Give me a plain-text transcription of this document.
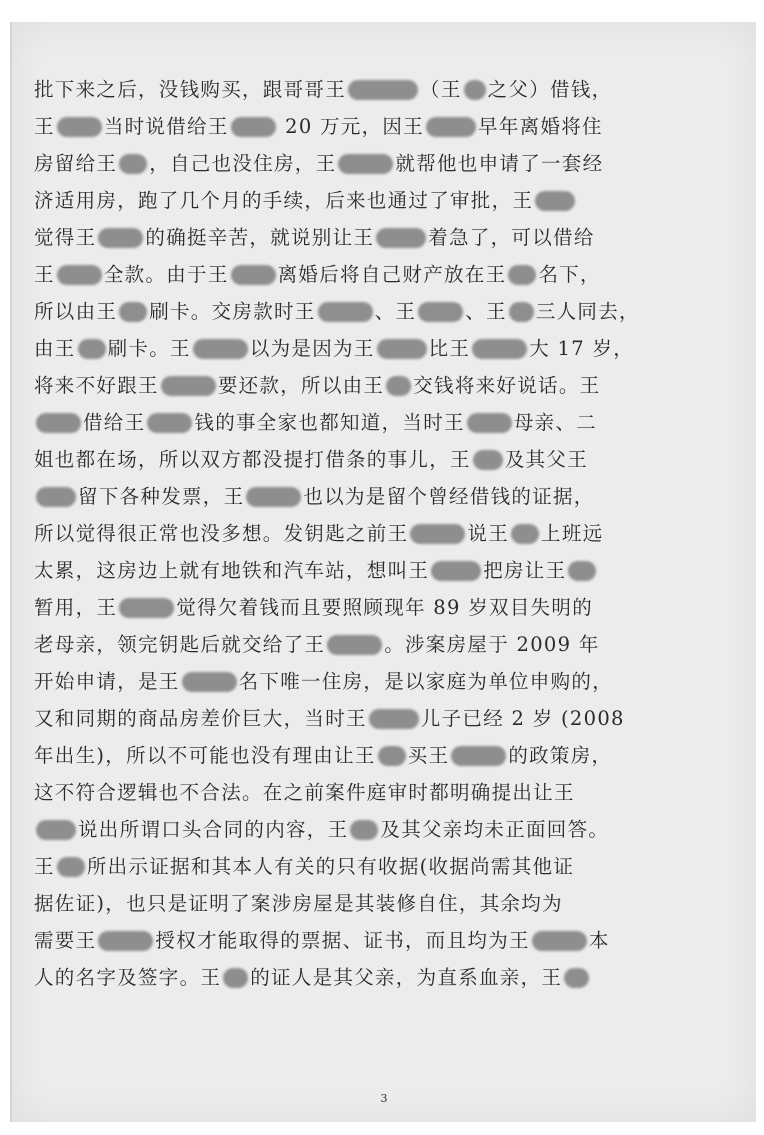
批下来之后，没钱购买，跟哥哥王	（王 之父）借钱，
王	当时说借给王	20 万元，因王	早年离婚将住
房留给王 ，自己也没住房，王	就帮他也申请了一套经
济适用房，跑了几个月的手续，后来也通过了审批，王
觉得王	的确挺辛苦，就说别让王	着急了，可以借给
王	全款。由于王	离婚后将自己财产放在王 名下，
所以由王 刷卡。交房款时王	、王	、王 三人同去，
由王 刷卡。王	以为是因为王	比王	大 17 岁，
将来不好跟王	要还款，所以由王 交钱将来好说话。王
借给王	钱的事全家也都知道，当时王	母亲、二
姐也都在场，所以双方都没提打借条的事儿，王 及其父王
留下各种发票，王	也以为是留个曾经借钱的证据，
所以觉得很正常也没多想。发钥匙之前王	说王 上班远
太累，这房边上就有地铁和汽车站，想叫王	把房让王
暂用，王	觉得欠着钱而且要照顾现年 89 岁双目失明的
老母亲，领完钥匙后就交给了王	。涉案房屋于 2009 年
开始申请，是王	名下唯一住房，是以家庭为单位申购的，
又和同期的商品房差价巨大，当时王	儿子已经 2 岁 (2008
年出生)，所以不可能也没有理由让王 买王	的政策房，
这不符合逻辑也不合法。在之前案件庭审时都明确提出让王
说出所谓口头合同的内容，王 及其父亲均未正面回答。
王 所出示证据和其本人有关的只有收据(收据尚需其他证
据佐证)，也只是证明了案涉房屋是其装修自住，其余均为
需要王	授权才能取得的票据、证书，而且均为王	本
人的名字及签字。王 的证人是其父亲，为直系血亲，王
3
